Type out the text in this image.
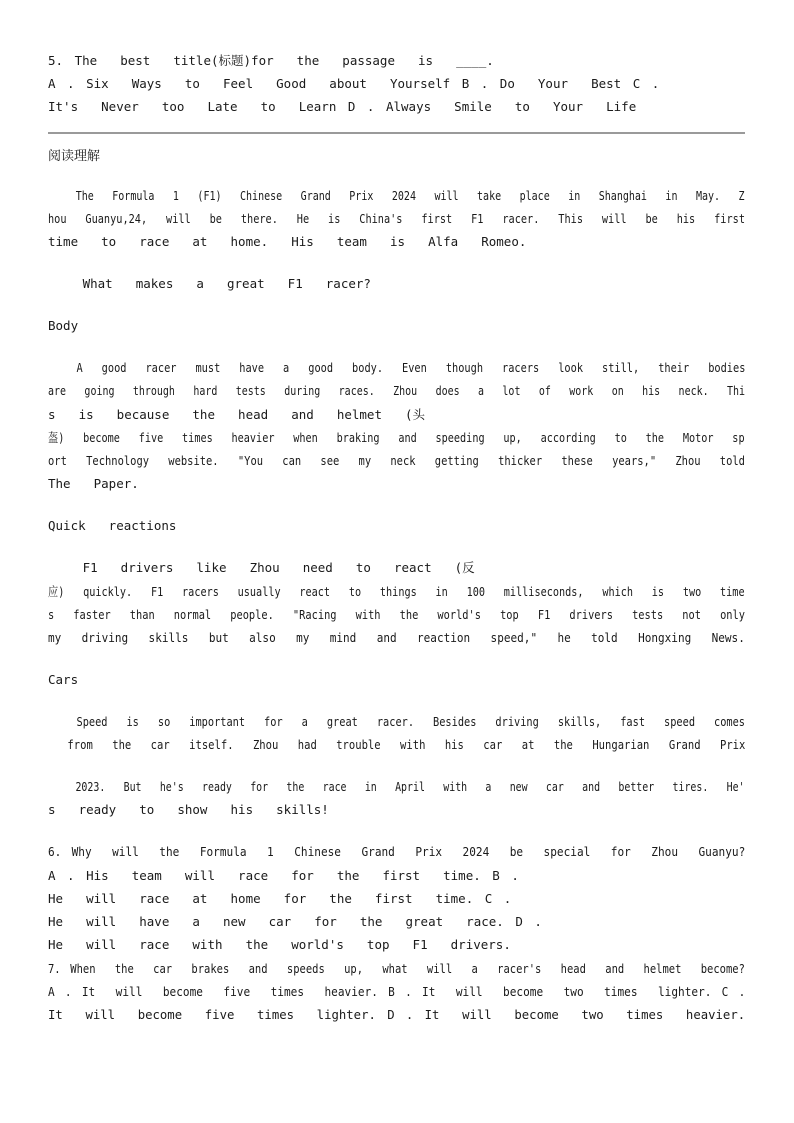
5. The  best  title(标题)for  the  passage  is  ____.
A . Six  Ways  to  Feel  Good  about  Yourself B . Do  Your  Best C .
It's  Never  too  Late  to  Learn D . Always  Smile  to  Your  Life
阅读理解
The  Formula  1  (F1)  Chinese  Grand  Prix  2024  will  take  place  in  Shanghai  in  May.  Z
hou  Guanyu,24,  will  be  there.  He  is  China's  first  F1  racer.  This  will  be  his  first
time  to  race  at  home.  His  team  is  Alfa  Romeo.
What  makes  a  great  F1  racer?
Body
A  good  racer  must  have  a  good  body.  Even  though  racers  look  still,  their  bodies
are  going  through  hard  tests  during  races.  Zhou  does  a  lot  of  work  on  his  neck.  Thi
s  is  because  the  head  and  helmet  (头
盔)  become  five  times  heavier  when  braking  and  speeding  up,  according  to  the  Motor  sp
ort  Technology  website.  "You  can  see  my  neck  getting  thicker  these  years,"  Zhou  told
The  Paper.
Quick  reactions
F1  drivers  like  Zhou  need  to  react  (反
应)  quickly.  F1  racers  usually  react  to  things  in  100  milliseconds,  which  is  two  time
s  faster  than  normal  people.  "Racing  with  the  world's  top  F1  drivers  tests  not  only
my  driving  skills  but  also  my  mind  and  reaction  speed,"  he  told  Hongxing  News.
Cars
Speed  is  so  important  for  a  great  racer.  Besides  driving  skills,  fast  speed  comes
from  the  car  itself.  Zhou  had  trouble  with  his  car  at  the  Hungarian  Grand  Prix
2023.  But  he's  ready  for  the  race  in  April  with  a  new  car  and  better  tires.  He'
s  ready  to  show  his  skills!
6. Why  will  the  Formula  1  Chinese  Grand  Prix  2024  be  special  for  Zhou  Guanyu?
A . His  team  will  race  for  the  first  time. B .
He  will  race  at  home  for  the  first  time. C .
He  will  have  a  new  car  for  the  great  race. D .
He  will  race  with  the  world's  top  F1  drivers.
7. When  the  car  brakes  and  speeds  up,  what  will  a  racer's  head  and  helmet  become?
A . It  will  become  five  times  heavier. B . It  will  become  two  times  lighter. C .
It  will  become  five  times  lighter. D . It  will  become  two  times  heavier.
